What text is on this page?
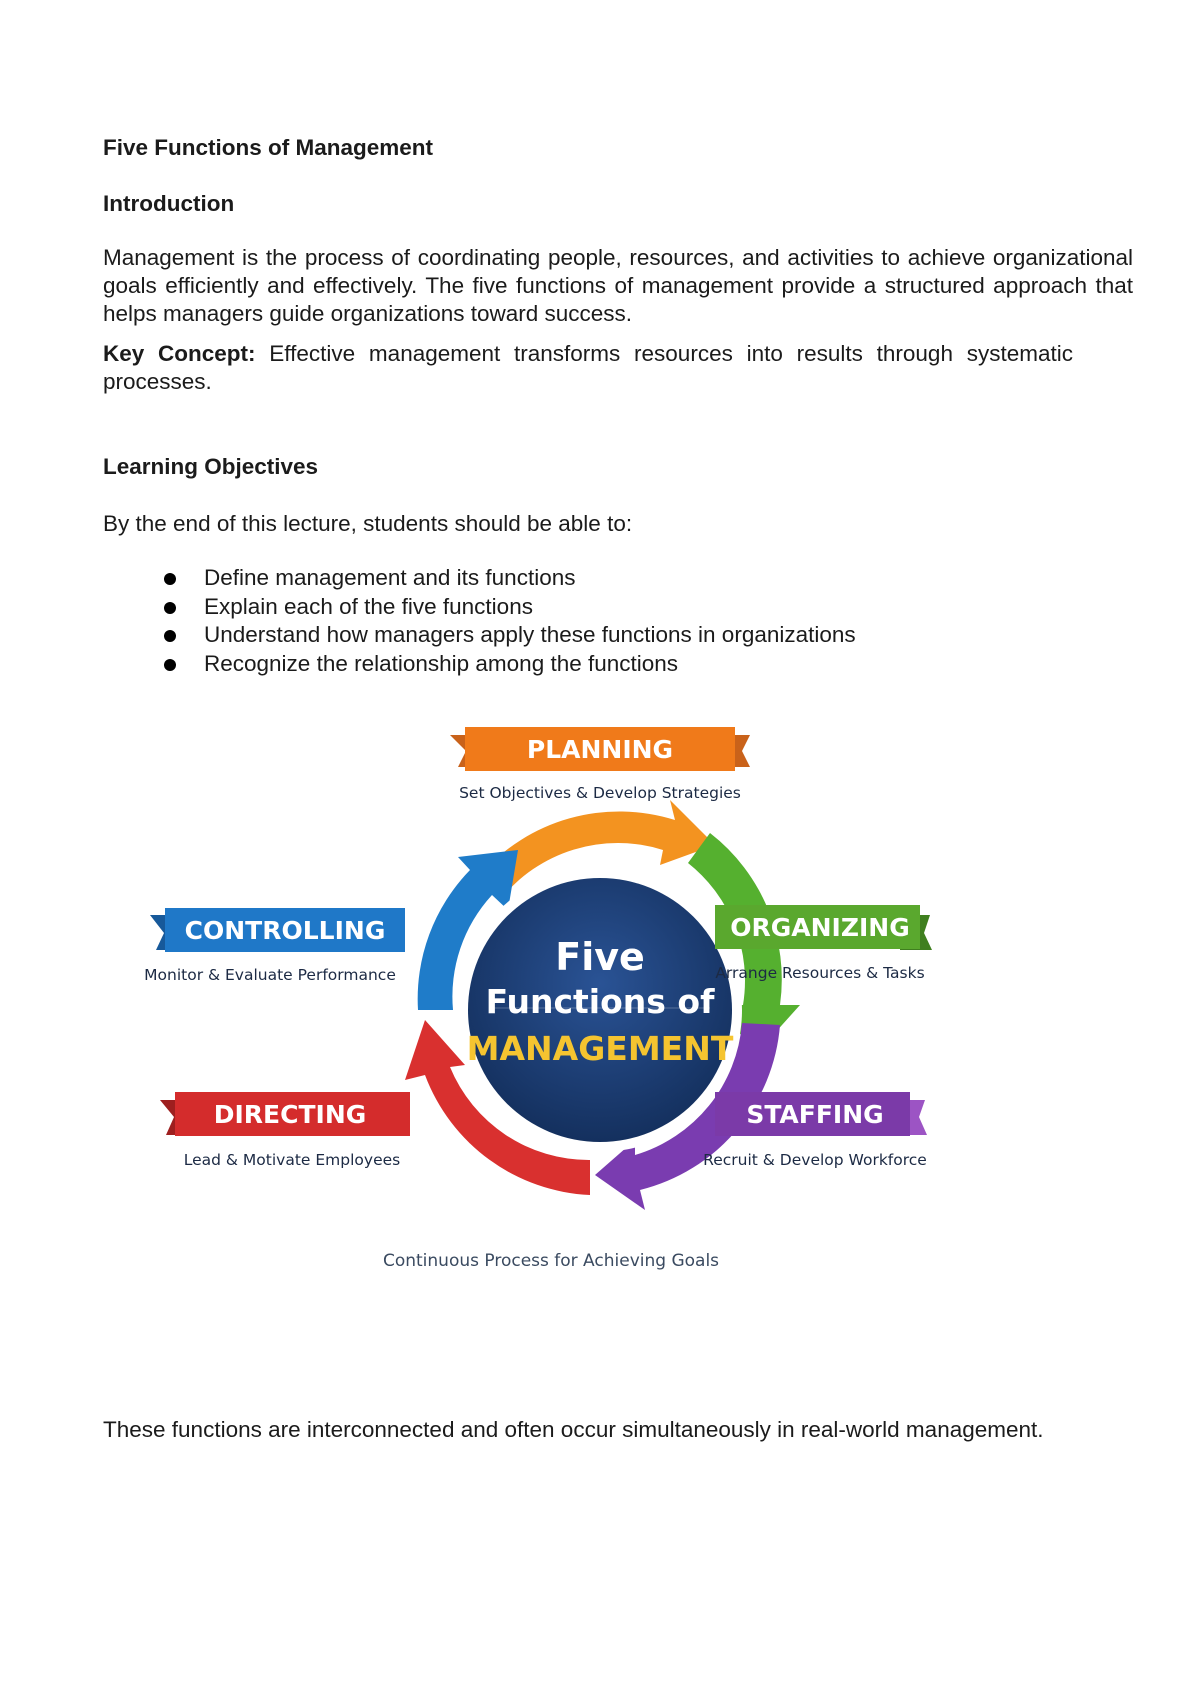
Five Functions of Management
Introduction
Management is the process of coordinating people, resources, and activities to achieve organizational goals efficiently and effectively. The five functions of management provide a structured approach that helps managers guide organizations toward success.
Key Concept: Effective management transforms resources into results through systematic processes.
Learning Objectives
By the end of this lecture, students should be able to:
Define management and its functions
Explain each of the five functions
Understand how managers apply these functions in organizations
Recognize the relationship among the functions
Five
Functions of
MANAGEMENT
PLANNING
Set Objectives & Develop Strategies
CONTROLLING
Monitor & Evaluate Performance
ORGANIZING
Arrange Resources & Tasks
DIRECTING
Lead & Motivate Employees
STAFFING
Recruit & Develop Workforce
Continuous Process for Achieving Goals
These functions are interconnected and often occur simultaneously in real-world management.
